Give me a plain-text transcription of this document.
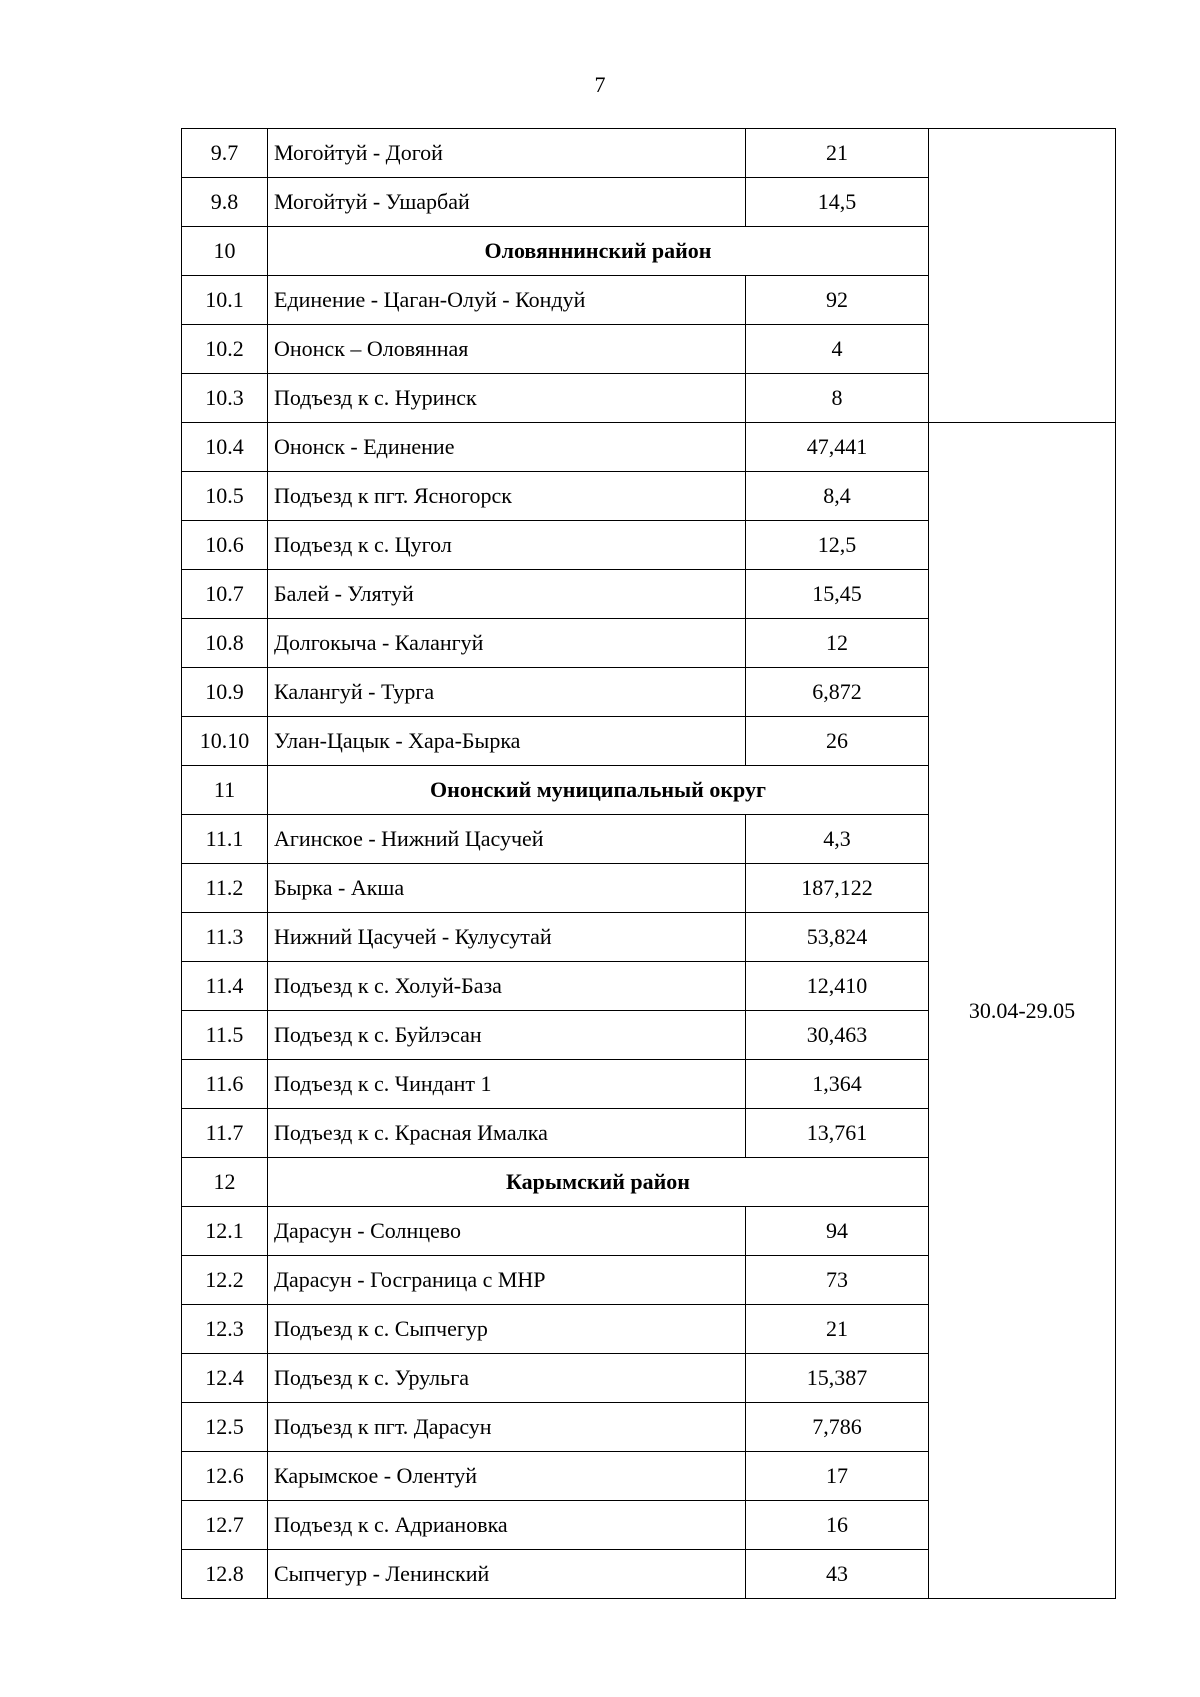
7
9.7	Могойтуй - Догой	21	
9.8	Могойтуй - Ушарбай	14,5	
10	Оловяннинский район		
10.1	Единение - Цаган-Олуй - Кондуй	92	
10.2	Ононск – Оловянная	4	
10.3	Подъезд к с. Нуринск	8	
10.4	Ононск - Единение	47,441	30.04-29.05
10.5	Подъезд к пгт. Ясногорск	8,4	
10.6	Подъезд к с. Цугол	12,5	
10.7	Балей - Улятуй	15,45	
10.8	Долгокыча - Калангуй	12	
10.9	Калангуй - Турга	6,872	
10.10	Улан-Цацык - Хара-Бырка	26	
11	Ононский муниципальный округ		
11.1	Агинское - Нижний Цасучей	4,3	
11.2	Бырка - Акша	187,122	
11.3	Нижний Цасучей - Кулусутай	53,824	
11.4	Подъезд к с. Холуй-База	12,410	
11.5	Подъезд к с. Буйлэсан	30,463	
11.6	Подъезд к с. Чиндант 1	1,364	
11.7	Подъезд к с. Красная Ималка	13,761	
12	Карымский район		
12.1	Дарасун - Солнцево	94	
12.2	Дарасун - Госграница с МНР	73	
12.3	Подъезд к с. Сыпчегур	21	
12.4	Подъезд к с. Урульга	15,387	
12.5	Подъезд к пгт. Дарасун	7,786	
12.6	Карымское - Олентуй	17	
12.7	Подъезд к с. Адриановка	16	
12.8	Сыпчегур - Ленинский	43	
